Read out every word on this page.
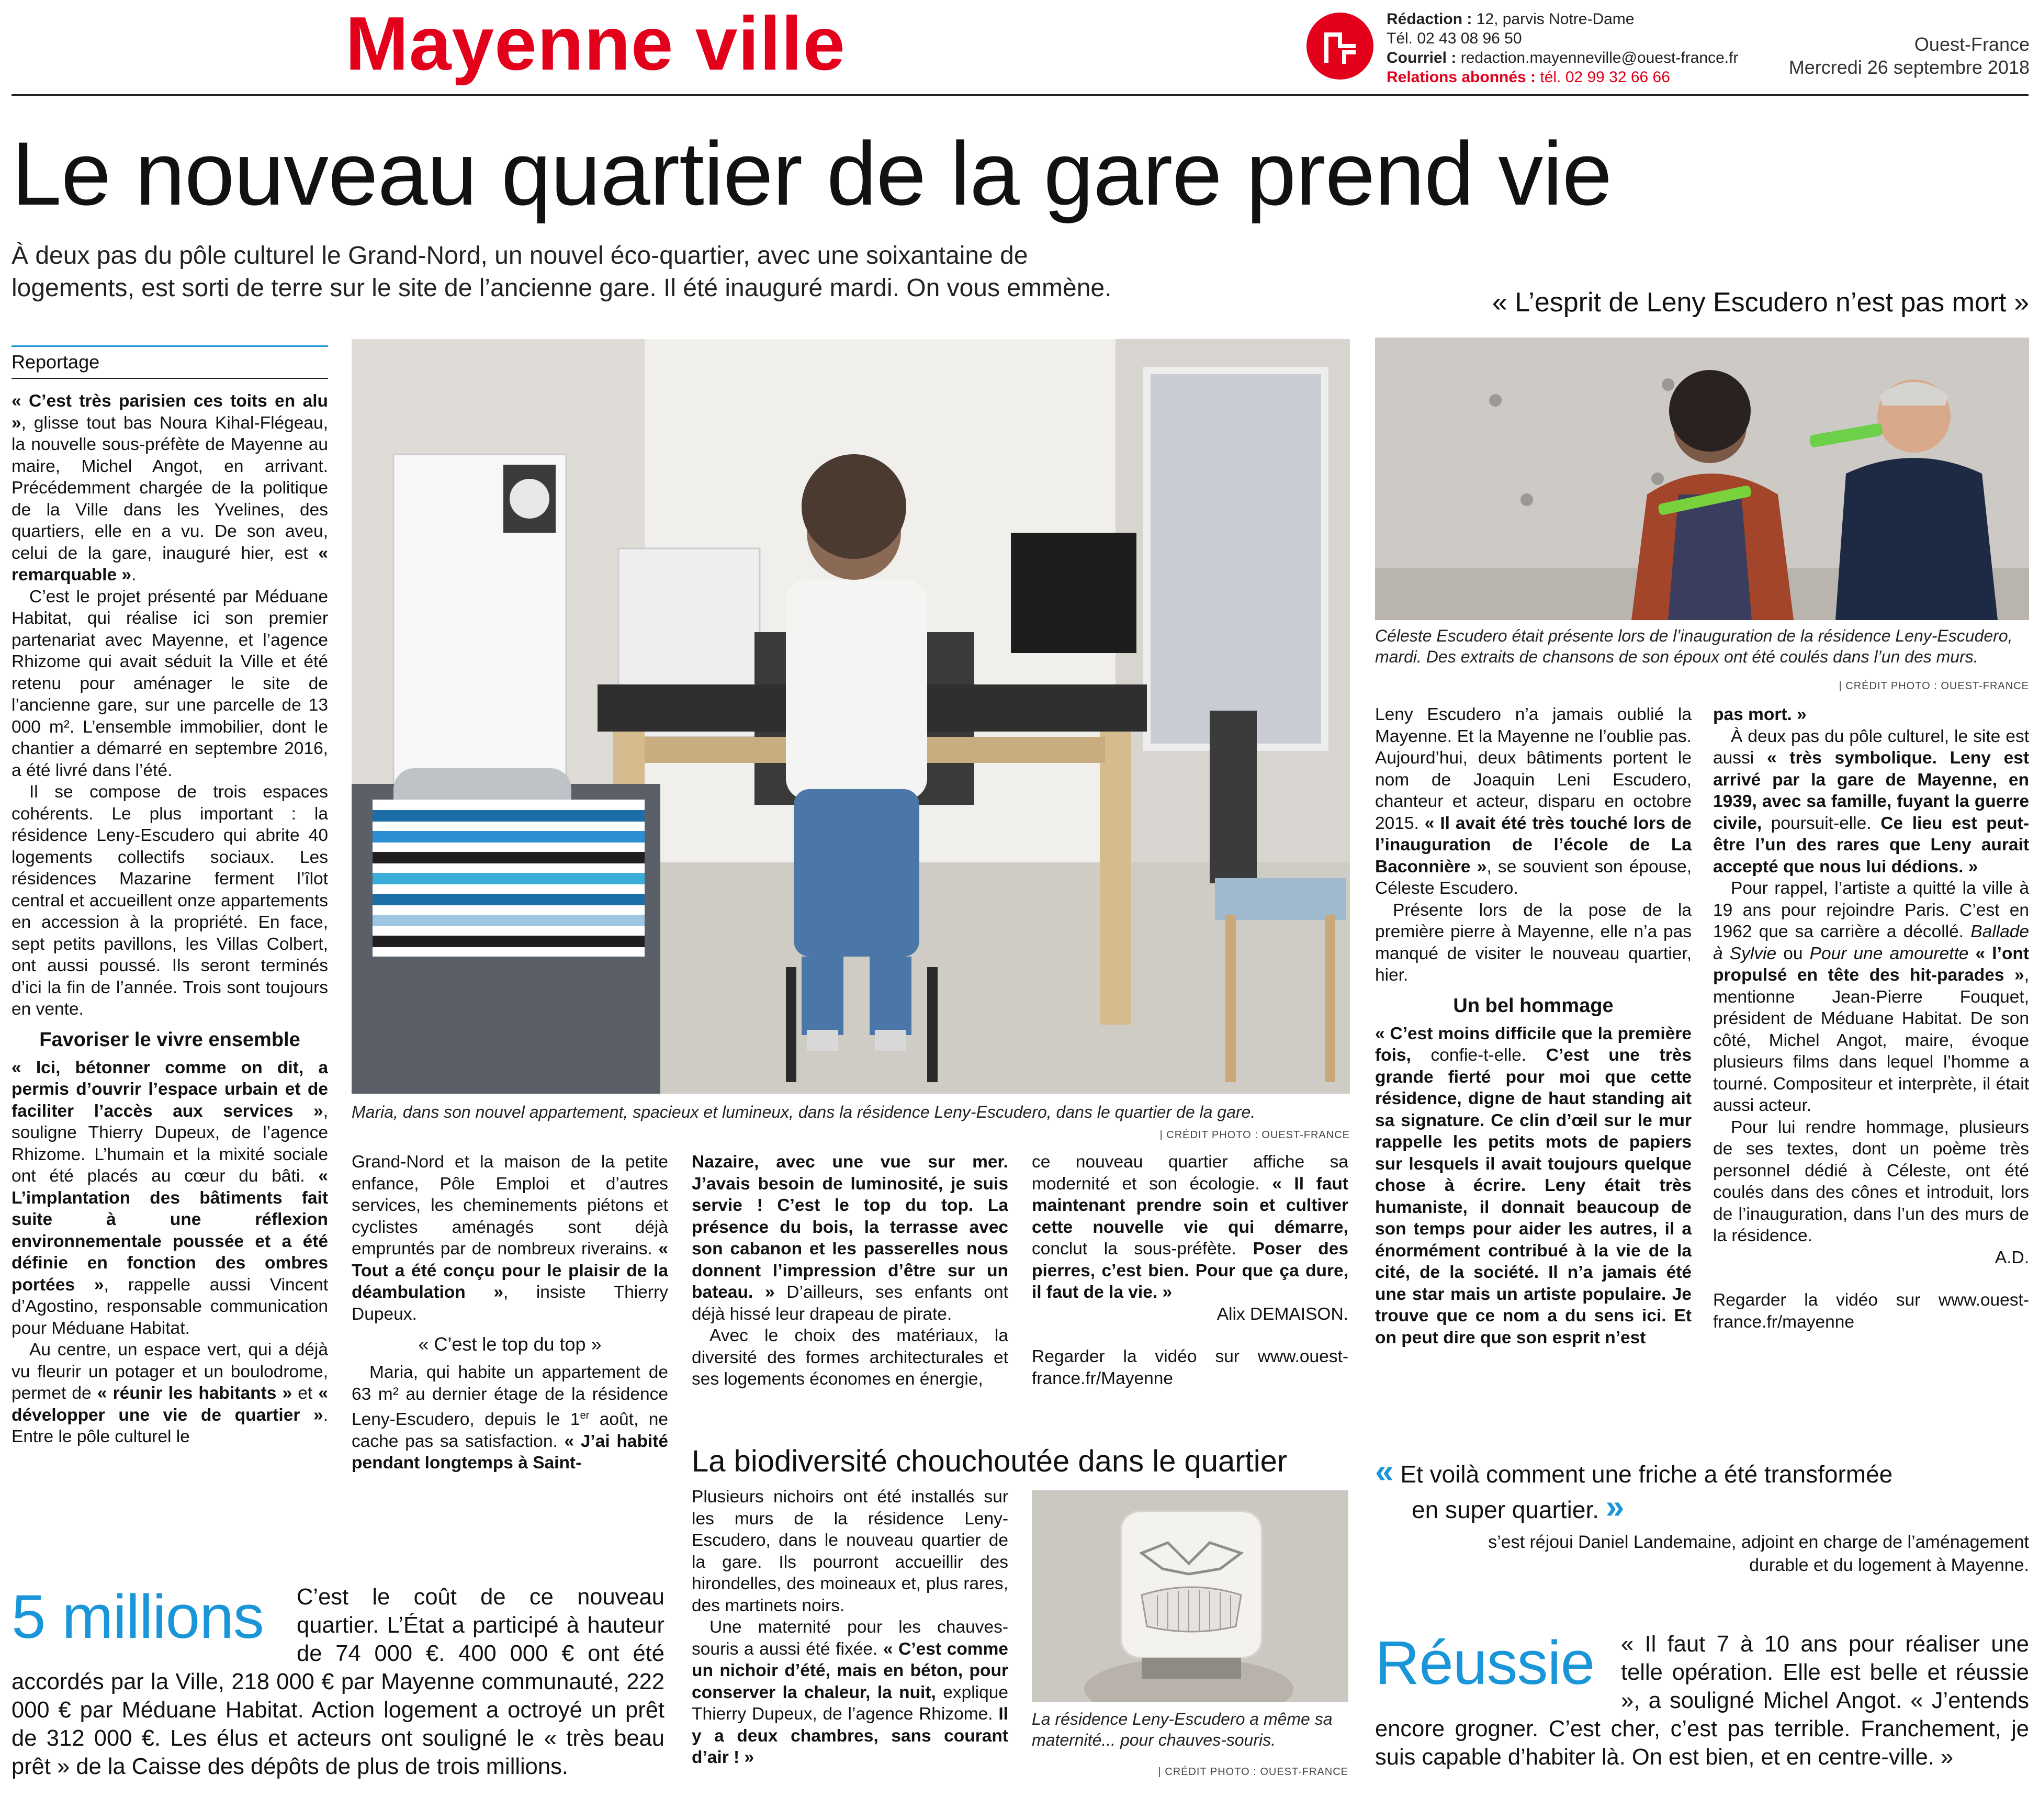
Mayenne ville	Rédaction : 12, parvis Notre-Dame
Tél. 02 43 08 96 50
Courriel : redaction.mayenneville@ouest-france.fr
Relations abonnés : tél. 02 99 32 66 66
Ouest-France
Mercredi 26 septembre 2018
Le nouveau quartier de la gare prend vie
À deux pas du pôle culturel le Grand-Nord, un nouvel éco-quartier, avec une soixantaine de logements, est sorti de terre sur le site de l’ancienne gare. Il été inauguré mardi. On vous emmène.
Reportage

« C’est très parisien ces toits en alu », glisse tout bas Noura Kihal-Flégeau, la nouvelle sous-préfète de Mayenne au maire, Michel Angot, en arrivant. Précédemment chargée de la politique de la Ville dans les Yvelines, des quartiers, elle en a vu. De son aveu, celui de la gare, inauguré hier, est « remarquable ».

C’est le projet présenté par Méduane Habitat, qui réalise ici son premier partenariat avec Mayenne, et l’agence Rhizome qui avait séduit la Ville et été retenu pour aménager le site de l’ancienne gare, sur une parcelle de 13 000 m². L’ensemble immobilier, dont le chantier a démarré en septembre 2016, a été livré dans l’été.

Il se compose de trois espaces cohérents. Le plus important : la résidence Leny-Escudero qui abrite 40 logements collectifs sociaux. Les résidences Mazarine ferment l’îlot central et accueillent onze appartements en accession à la propriété. En face, sept petits pavillons, les Villas Colbert, ont aussi poussé. Ils seront terminés d’ici la fin de l’année. Trois sont toujours en vente.

Favoriser le vivre ensemble

« Ici, bétonner comme on dit, a permis d’ouvrir l’espace urbain et de faciliter l’accès aux services », souligne Thierry Dupeux, de l’agence Rhizome. L’humain et la mixité sociale ont été placés au cœur du bâti. « L’implantation des bâtiments fait suite à une réflexion environnementale poussée et a été définie en fonction des ombres portées », rappelle aussi Vincent d’Agostino, responsable communication pour Méduane Habitat.

Au centre, un espace vert, qui a déjà vu fleurir un potager et un boulodrome, permet de « réunir les habitants » et « développer une vie de quartier ». Entre le pôle culturel le

Maria, dans son nouvel appartement, spacieux et lumineux, dans la résidence Leny-Escudero, dans le quartier de la gare.
| CRÉDIT PHOTO : OUEST-FRANCE

Grand-Nord et la maison de la petite enfance, Pôle Emploi et d’autres services, les cheminements piétons et cyclistes aménagés sont déjà empruntés par de nombreux riverains. « Tout a été conçu pour le plaisir de la déambulation », insiste Thierry Dupeux.

« C’est le top du top »

Maria, qui habite un appartement de 63 m² au dernier étage de la résidence Leny-Escudero, depuis le 1er août, ne cache pas sa satisfaction. « J’ai habité pendant longtemps à Saint-

Nazaire, avec une vue sur mer. J’avais besoin de luminosité, je suis servie ! C’est le top du top. La présence du bois, la terrasse avec son cabanon et les passerelles nous donnent l’impression d’être sur un bateau. » D’ailleurs, ses enfants ont déjà hissé leur drapeau de pirate.

Avec le choix des matériaux, la diversité des formes architecturales et ses logements économes en énergie,

ce nouveau quartier affiche sa modernité et son écologie. « Il faut maintenant prendre soin et cultiver cette nouvelle vie qui démarre, conclut la sous-préfète. Poser des pierres, c’est bien. Pour que ça dure, il faut de la vie. »

Alix DEMAISON.

Regarder la vidéo sur www.ouest-france.fr/Mayenne

La biodiversité chouchoutée dans le quartier

Plusieurs nichoirs ont été installés sur les murs de la résidence Leny-Escudero, dans le nouveau quartier de la gare. Ils pourront accueillir des hirondelles, des moineaux et, plus rares, des martinets noirs.

Une maternité pour les chauves-souris a aussi été fixée. « C’est comme un nichoir d’été, mais en béton, pour conserver la chaleur, la nuit, explique Thierry Dupeux, de l’agence Rhizome. Il y a deux chambres, sans courant d’air ! »

La résidence Leny-Escudero a même sa maternité... pour chauves-souris.
| CRÉDIT PHOTO : OUEST-FRANCE
5 millions	C’est le coût de ce nouveau quartier. L’État a participé à hauteur de 74 000 €. 400 000 € ont été accordés par la Ville, 218 000 € par Mayenne communauté, 222 000 € par Méduane Habitat. Action logement a octroyé un prêt de 312 000 €. Les élus et acteurs ont souligné le « très beau prêt » de la Caisse des dépôts de plus de trois millions.
« L’esprit de Leny Escudero n’est pas mort »
Céleste Escudero était présente lors de l’inauguration de la résidence Leny-Escudero, mardi. Des extraits de chansons de son époux ont été coulés dans l’un des murs.
| CRÉDIT PHOTO : OUEST-FRANCE

Leny Escudero n’a jamais oublié la Mayenne. Et la Mayenne ne l’oublie pas. Aujourd’hui, deux bâtiments portent le nom de Joaquin Leni Escudero, chanteur et acteur, disparu en octobre 2015. « Il avait été très touché lors de l’inauguration de l’école de La Baconnière », se souvient son épouse, Céleste Escudero.

Présente lors de la pose de la première pierre à Mayenne, elle n’a pas manqué de visiter le nouveau quartier, hier.

Un bel hommage

« C’est moins difficile que la première fois, confie-t-elle. C’est une très grande fierté pour moi que cette résidence, digne de haut standing ait sa signature. Ce clin d’œil sur le mur rappelle les petits mots de papiers sur lesquels il avait toujours quelque chose à écrire. Leny était très humaniste, il donnait beaucoup de son temps pour aider les autres, il a énormément contribué à la vie de la cité, de la société. Il n’a jamais été une star mais un artiste populaire. Je trouve que ce nom a du sens ici. Et on peut dire que son esprit n’est

pas mort. »

À deux pas du pôle culturel, le site est aussi « très symbolique. Leny est arrivé par la gare de Mayenne, en 1939, avec sa famille, fuyant la guerre civile, poursuit-elle. Ce lieu est peut-être l’un des rares que Leny aurait accepté que nous lui dédions. »

Pour rappel, l’artiste a quitté la ville à 19 ans pour rejoindre Paris. C’est en 1962 que sa carrière a décollé. Ballade à Sylvie ou Pour une amourette « l’ont propulsé en tête des hit-parades », mentionne Jean-Pierre Fouquet, président de Méduane Habitat. De son côté, Michel Angot, maire, évoque plusieurs films dans lequel l’homme a tourné. Compositeur et interprète, il était aussi acteur.

Pour lui rendre hommage, plusieurs de ses textes, dont un poème très personnel dédié à Céleste, ont été coulés dans des cônes et introduit, lors de l’inauguration, dans l’un des murs de la résidence.

A.D.

Regarder la vidéo sur www.ouest-france.fr/mayenne

« Et voilà comment une friche a été transformée
en super quartier. »
s’est réjoui Daniel Landemaine, adjoint en charge de l’aménagement
durable et du logement à Mayenne.
Réussie	« Il faut 7 à 10 ans pour réaliser une telle opération. Elle est belle et réussie », a souligné Michel Angot. « J’entends encore grogner. C’est cher, c’est pas terrible. Franchement, je suis capable d’habiter là. On est bien, et en centre-ville. »
